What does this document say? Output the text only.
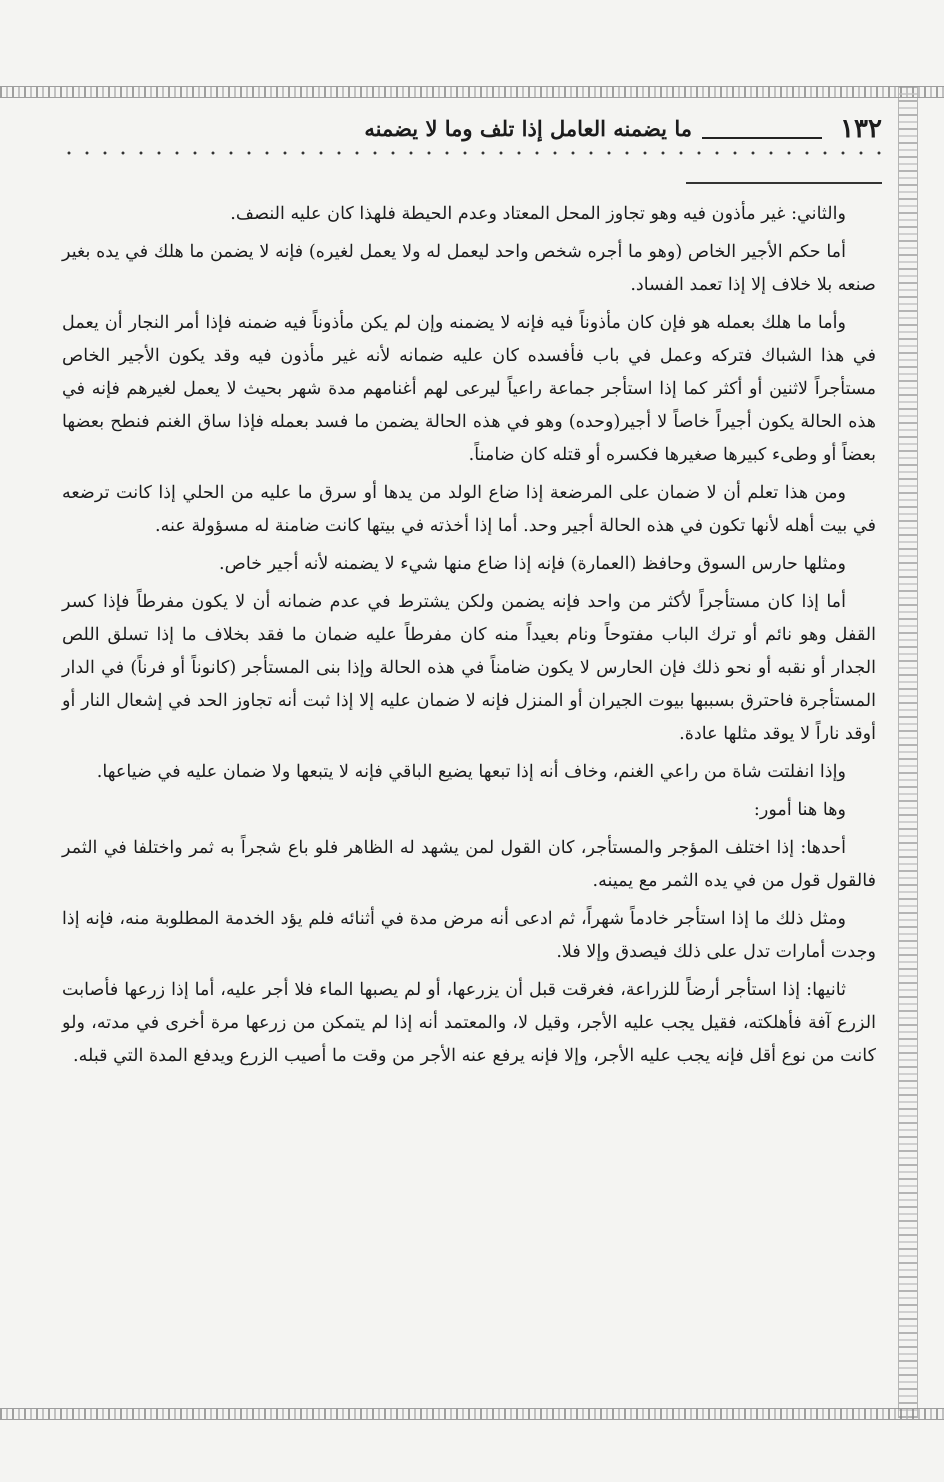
١٣٢
ما يضمنه العامل إذا تلف وما لا يضمنه

والثاني: غير مأذون فيه وهو تجاوز المحل المعتاد وعدم الحيطة فلهذا كان عليه النصف.

أما حكم الأجير الخاص (وهو ما أجره شخص واحد ليعمل له ولا يعمل لغيره) فإنه لا يضمن ما هلك في يده بغير صنعه بلا خلاف إلا إذا تعمد الفساد.

وأما ما هلك بعمله هو فإن كان مأذوناً فيه فإنه لا يضمنه وإن لم يكن مأذوناً فيه ضمنه فإذا أمر النجار أن يعمل في هذا الشباك فتركه وعمل في باب فأفسده كان عليه ضمانه لأنه غير مأذون فيه وقد يكون الأجير الخاص مستأجراً لاثنين أو أكثر كما إذا استأجر جماعة راعياً ليرعى لهم أغنامهم مدة شهر بحيث لا يعمل لغيرهم فإنه في هذه الحالة يكون أجيراً خاصاً لا أجير(وحده) وهو في هذه الحالة يضمن ما فسد بعمله فإذا ساق الغنم فنطح بعضها بعضاً أو وطىء كبيرها صغيرها فكسره أو قتله كان ضامناً.

ومن هذا تعلم أن لا ضمان على المرضعة إذا ضاع الولد من يدها أو سرق ما عليه من الحلي إذا كانت ترضعه في بيت أهله لأنها تكون في هذه الحالة أجير وحد. أما إذا أخذته في بيتها كانت ضامنة له مسؤولة عنه.

ومثلها حارس السوق وحافظ (العمارة) فإنه إذا ضاع منها شيء لا يضمنه لأنه أجير خاص.

أما إذا كان مستأجراً لأكثر من واحد فإنه يضمن ولكن يشترط في عدم ضمانه أن لا يكون مفرطاً فإذا كسر القفل وهو نائم أو ترك الباب مفتوحاً ونام بعيداً منه كان مفرطاً عليه ضمان ما فقد بخلاف ما إذا تسلق اللص الجدار أو نقبه أو نحو ذلك فإن الحارس لا يكون ضامناً في هذه الحالة وإذا بنى المستأجر (كانوناً أو فرناً) في الدار المستأجرة فاحترق بسببها بيوت الجيران أو المنزل فإنه لا ضمان عليه إلا إذا ثبت أنه تجاوز الحد في إشعال النار أو أوقد ناراً لا يوقد مثلها عادة.

وإذا انفلتت شاة من راعي الغنم، وخاف أنه إذا تبعها يضيع الباقي فإنه لا يتبعها ولا ضمان عليه في ضياعها.

وها هنا أمور:

أحدها: إذا اختلف المؤجر والمستأجر، كان القول لمن يشهد له الظاهر فلو باع شجراً به ثمر واختلفا في الثمر فالقول قول من في يده الثمر مع يمينه.

ومثل ذلك ما إذا استأجر خادماً شهراً، ثم ادعى أنه مرض مدة في أثنائه فلم يؤد الخدمة المطلوبة منه، فإنه إذا وجدت أمارات تدل على ذلك فيصدق وإلا فلا.

ثانيها: إذا استأجر أرضاً للزراعة، فغرقت قبل أن يزرعها، أو لم يصبها الماء فلا أجر عليه، أما إذا زرعها فأصابت الزرع آفة فأهلكته، فقيل يجب عليه الأجر، وقيل لا، والمعتمد أنه إذا لم يتمكن من زرعها مرة أخرى في مدته، ولو كانت من نوع أقل فإنه يجب عليه الأجر، وإلا فإنه يرفع عنه الأجر من وقت ما أصيب الزرع ويدفع المدة التي قبله.
